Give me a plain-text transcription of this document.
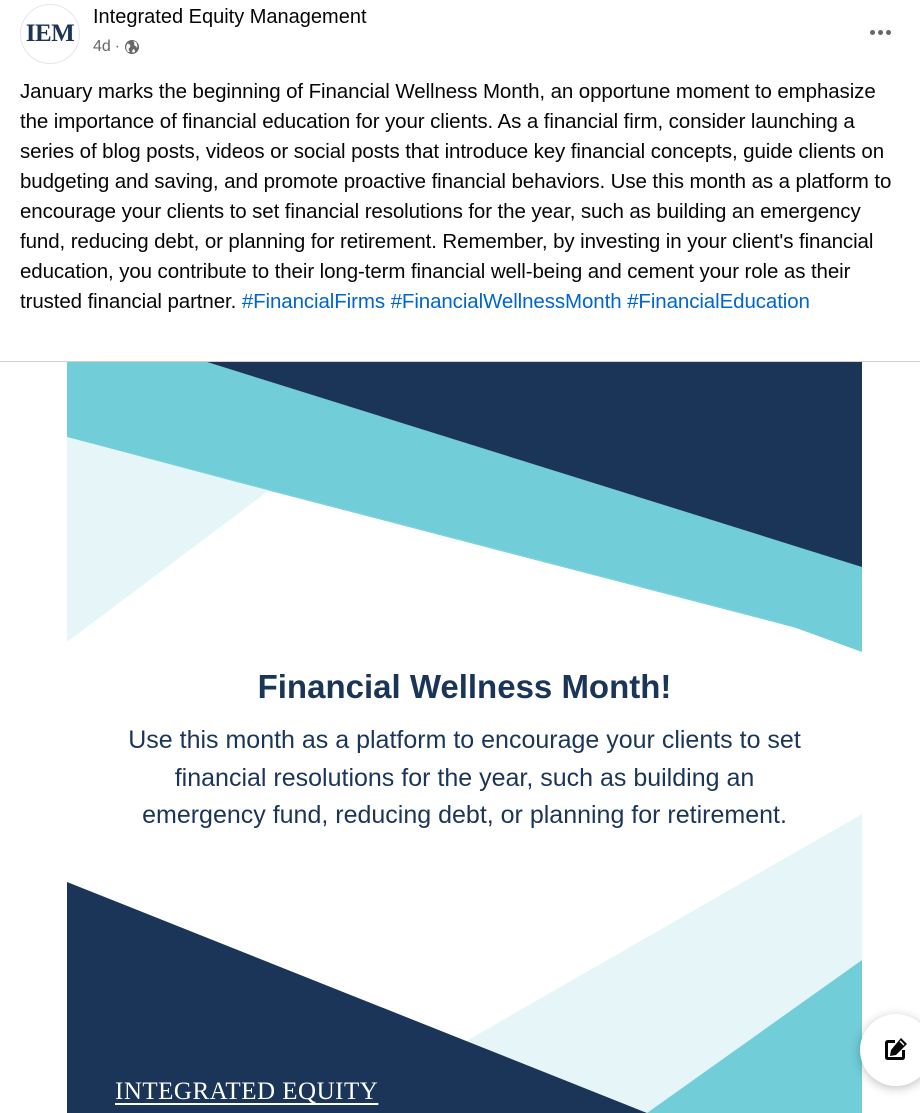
IEM
Integrated Equity Management
4d ·
January marks the beginning of Financial Wellness Month, an opportune moment to emphasize the importance of financial education for your clients. As a financial firm, consider launching a series of blog posts, videos or social posts that introduce key financial concepts, guide clients on budgeting and saving, and promote proactive financial behaviors. Use this month as a platform to encourage your clients to set financial resolutions for the year, such as building an emergency fund, reducing debt, or planning for retirement. Remember, by investing in your client's financial education, you contribute to their long-term financial well-being and cement your role as their trusted financial partner. #FinancialFirms #FinancialWellnessMonth #FinancialEducation
Financial Wellness Month!
Use this month as a platform to encourage your clients to set financial resolutions for the year, such as building an emergency fund, reducing debt, or planning for retirement.
INTEGRATED EQUITY
